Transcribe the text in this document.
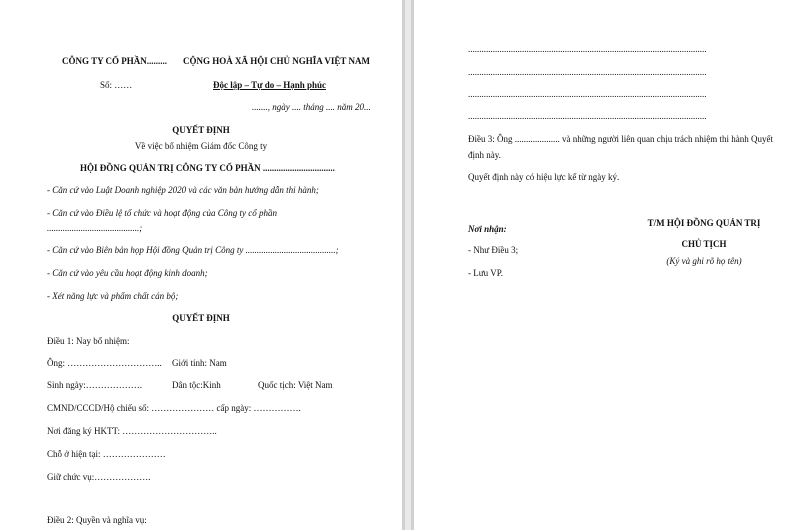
CÔNG TY CỔ PHẦN......... CỘNG HOÀ XÃ HỘI CHỦ NGHĨA VIỆT NAM
Số: ……	Độc lập – Tự do – Hạnh phúc
......., ngày .... tháng .... năm 20...
QUYẾT ĐỊNH
Về việc bổ nhiệm Giám đốc Công ty
HỘI ĐỒNG QUẢN TRỊ CÔNG TY CỔ PHẦN ................................
- Căn cứ vào Luật Doanh nghiệp 2020 và các văn bản hướng dẫn thi hành;
- Căn cứ vào Điều lệ tổ chức và hoạt động của Công ty cổ phần
.........................................;
- Căn cứ vào Biên bản họp Hội đồng Quản trị Công ty ........................................;
- Căn cứ vào yêu cầu hoạt động kinh doanh;
- Xét năng lực và phẩm chất cán bộ;
QUYẾT ĐỊNH
Điều 1: Nay bổ nhiệm:
Ông: ………………………….. Giới tính: Nam
Sinh ngày:……………….	Dân tộc:Kinh	Quốc tịch: Việt Nam
CMND/CCCD/Hộ chiếu số: ………………… cấp ngày: …………….
Nơi đăng ký HKTT: …………………………..
Chỗ ở hiện tại: …………………
Giữ chức vụ:……………….
Điều 2: Quyền và nghĩa vụ:
..........................................................................................................
..........................................................................................................
..........................................................................................................
..........................................................................................................
Điều 3: Ông .................... và những người liên quan chịu trách nhiệm thi hành Quyết
định này.
Quyết định này có hiệu lực kể từ ngày ký.
Nơi nhận:
- Như Điều 3;
- Lưu VP.
T/M HỘI ĐỒNG QUẢN TRỊ
CHỦ TỊCH
(Ký và ghi rõ họ tên)
